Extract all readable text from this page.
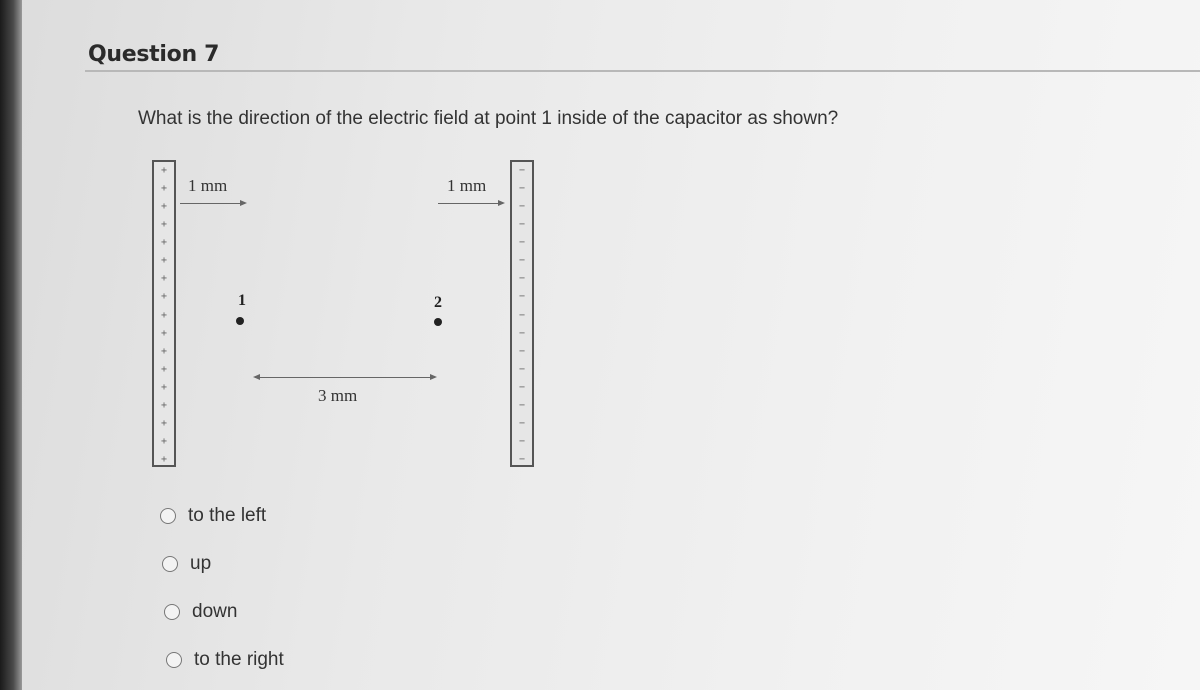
Question 7
What is the direction of the electric field at point 1 inside of the capacitor as shown?
+
+
+
+
+
+
+
+
+
+
+
+
+
+
+
+
+
−
−
−
−
−
−
−
−
−
−
−
−
−
−
−
−
−
1 mm	1 mm
1	2
3 mm
to the left
up
down
to the right
